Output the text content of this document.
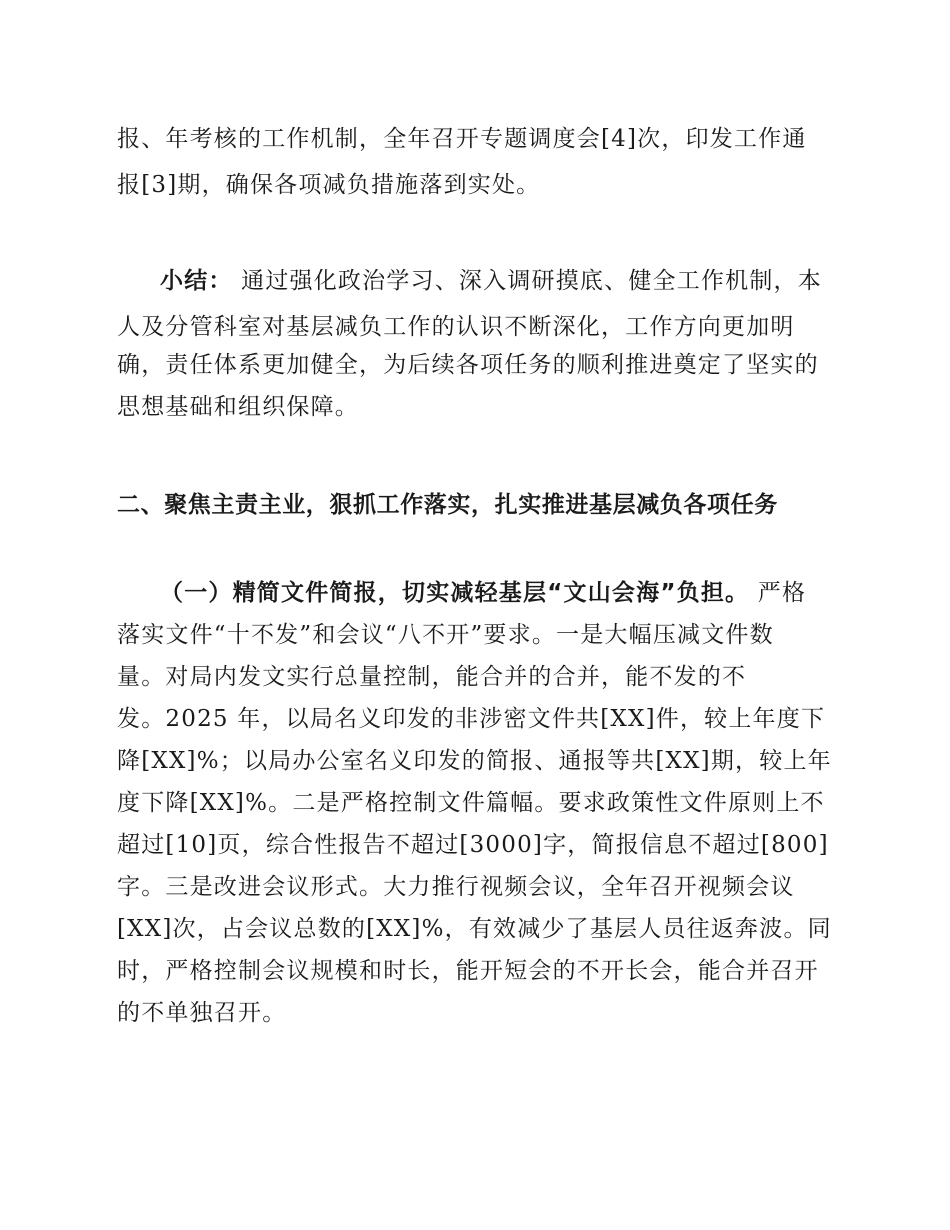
报、年考核的工作机制，全年召开专题调度会[4]次，印发工作通
报[3]期，确保各项减负措施落到实处。
小结： 通过强化政治学习、深入调研摸底、健全工作机制，本
人及分管科室对基层减负工作的认识不断深化，工作方向更加明
确，责任体系更加健全，为后续各项任务的顺利推进奠定了坚实的
思想基础和组织保障。
二、聚焦主责主业，狠抓工作落实，扎实推进基层减负各项任务
（一）精简文件简报，切实减轻基层“文山会海”负担。 严格
落实文件“十不发”和会议“八不开”要求。一是大幅压减文件数
量。对局内发文实行总量控制，能合并的合并，能不发的不
发。2025 年，以局名义印发的非涉密文件共[XX]件，较上年度下
降[XX]%；以局办公室名义印发的简报、通报等共[XX]期，较上年
度下降[XX]%。二是严格控制文件篇幅。要求政策性文件原则上不
超过[10]页，综合性报告不超过[3000]字，简报信息不超过[800]
字。三是改进会议形式。大力推行视频会议，全年召开视频会议
[XX]次，占会议总数的[XX]%，有效减少了基层人员往返奔波。同
时，严格控制会议规模和时长，能开短会的不开长会，能合并召开
的不单独召开。
